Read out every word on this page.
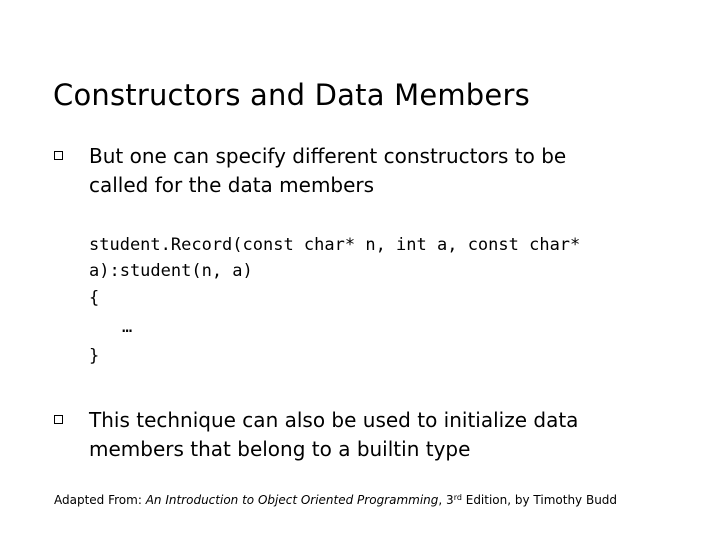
Constructors and Data Members
But one can specify different constructors to be
called for the data members
student.Record(const char* n, int a, const char*
a):student(n, a)
{
…
}
This technique can also be used to initialize data
members that belong to a builtin type
Adapted From: An Introduction to Object Oriented Programming, 3rd Edition, by Timothy Budd
